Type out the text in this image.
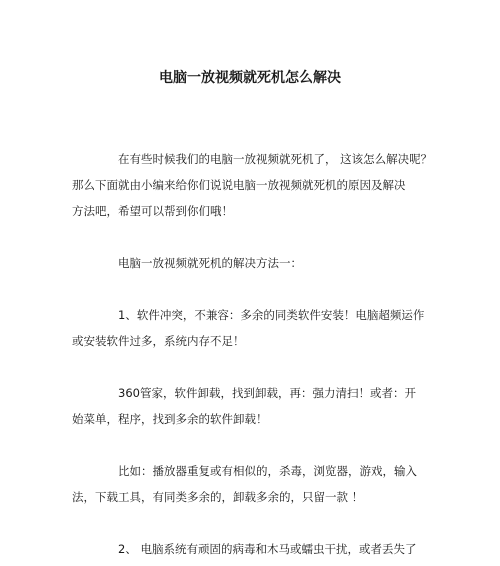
电脑一放视频就死机怎么解决
在有些时候我们的电脑一放视频就死机了， 这该怎么解决呢？
那么下面就由小编来给你们说说电脑一放视频就死机的原因及解决
方法吧，希望可以帮到你们哦！
电脑一放视频就死机的解决方法一：
1、软件冲突，不兼容：多余的同类软件安装！电脑超频运作
或安装软件过多，系统内存不足！
360管家，软件卸载，找到卸载，再：强力清扫！或者：开
始菜单，程序，找到多余的软件卸载！
比如：播放器重复或有相似的，杀毒，浏览器，游戏，输入
法，下载工具，有同类多余的，卸载多余的，只留一款 ！
2、 电脑系统有顽固的病毒和木马或蠕虫干扰，或者丢失了
